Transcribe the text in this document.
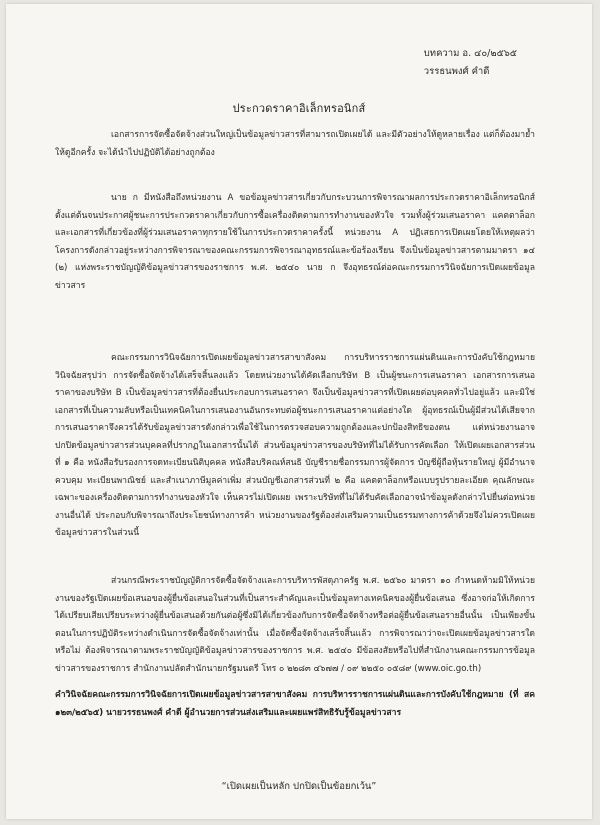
บทความ อ. ๔๐/๒๕๖๕
วรรธนพงศ์ คำดี
ประกวดราคาอิเล็กทรอนิกส์

เอกสารการจัดซื้อจัดจ้างส่วนใหญ่เป็นข้อมูลข่าวสารที่สามารถเปิดเผยได้ และมีตัวอย่างให้ดูหลายเรื่อง แต่ก็ต้องมาย้ำให้ดูอีกครั้ง จะได้นำไปปฏิบัติได้อย่างถูกต้อง

นาย ก มีหนังสือถึงหน่วยงาน A ขอข้อมูลข่าวสารเกี่ยวกับกระบวนการพิจารณาผลการประกวดราคาอิเล็กทรอนิกส์ตั้งแต่ต้นจนประกาศผู้ชนะการประกวดราคาเกี่ยวกับการซื้อเครื่องติดตามการทำงานของหัวใจ รวมทั้งผู้ร่วมเสนอราคา แคตตาล็อกและเอกสารที่เกี่ยวข้องที่ผู้ร่วมเสนอราคาทุกรายใช้ในการประกวดราคาครั้งนี้ หน่วยงาน A ปฏิเสธการเปิดเผยโดยให้เหตุผลว่า โครงการดังกล่าวอยู่ระหว่างการพิจารณาของคณะกรรมการพิจารณาอุทธรณ์และข้อร้องเรียน จึงเป็นข้อมูลข่าวสารตามมาตรา ๑๔ (๒) แห่งพระราชบัญญัติข้อมูลข่าวสารของราชการ พ.ศ. ๒๕๔๐ นาย ก จึงอุทธรณ์ต่อคณะกรรมการวินิจฉัยการเปิดเผยข้อมูลข่าวสาร

คณะกรรมการวินิจฉัยการเปิดเผยข้อมูลข่าวสารสาขาสังคม การบริหารราชการแผ่นดินและการบังคับใช้กฎหมาย วินิจฉัยสรุปว่า การจัดซื้อจัดจ้างได้เสร็จสิ้นลงแล้ว โดยหน่วยงานได้คัดเลือกบริษัท B เป็นผู้ชนะการเสนอราคา เอกสารการเสนอราคาของบริษัท B เป็นข้อมูลข่าวสารที่ต้องยื่นประกอบการเสนอราคา จึงเป็นข้อมูลข่าวสารที่เปิดเผยต่อบุคคลทั่วไปอยู่แล้ว และมิใช่เอกสารที่เป็นความลับหรือเป็นเทคนิคในการเสนองานอันกระทบต่อผู้ชนะการเสนอราคาแต่อย่างใด ผู้อุทธรณ์เป็นผู้มีส่วนได้เสียจากการเสนอราคาจึงควรได้รับข้อมูลข่าวสารดังกล่าวเพื่อใช้ในการตรวจสอบความถูกต้องและปกป้องสิทธิของตน แต่หน่วยงานอาจปกปิดข้อมูลข่าวสารส่วนบุคคลที่ปรากฏในเอกสารนั้นได้ ส่วนข้อมูลข่าวสารของบริษัทที่ไม่ได้รับการคัดเลือก ให้เปิดเผยเอกสารส่วนที่ ๑ คือ หนังสือรับรองการจดทะเบียนนิติบุคคล หนังสือบริคณห์สนธิ บัญชีรายชื่อกรรมการผู้จัดการ บัญชีผู้ถือหุ้นรายใหญ่ ผู้มีอำนาจควบคุม ทะเบียนพาณิชย์ และสำเนาภาษีมูลค่าเพิ่ม ส่วนบัญชีเอกสารส่วนที่ ๒ คือ แคตตาล็อกหรือแบบรูปรายละเอียด คุณลักษณะเฉพาะของเครื่องติดตามการทำงานของหัวใจ เห็นควรไม่เปิดเผย เพราะบริษัทที่ไม่ได้รับคัดเลือกอาจนำข้อมูลดังกล่าวไปยื่นต่อหน่วยงานอื่นได้ ประกอบกับพิจารณาถึงประโยชน์ทางการค้า หน่วยงานของรัฐต้องส่งเสริมความเป็นธรรมทางการค้าด้วยจึงไม่ควรเปิดเผยข้อมูลข่าวสารในส่วนนี้

ส่วนกรณีพระราชบัญญัติการจัดซื้อจัดจ้างและการบริหารพัสดุภาครัฐ พ.ศ. ๒๕๖๐ มาตรา ๑๐ กำหนดห้ามมิให้หน่วยงานของรัฐเปิดเผยข้อเสนอของผู้ยื่นข้อเสนอในส่วนที่เป็นสาระสำคัญและเป็นข้อมูลทางเทคนิคของผู้ยื่นข้อเสนอ ซึ่งอาจก่อให้เกิดการได้เปรียบเสียเปรียบระหว่างผู้ยื่นข้อเสนอด้วยกันต่อผู้ซึ่งมิได้เกี่ยวข้องกับการจัดซื้อจัดจ้างหรือต่อผู้ยื่นข้อเสนอรายอื่นนั้น เป็นเพียงขั้นตอนในการปฏิบัติระหว่างดำเนินการจัดซื้อจัดจ้างเท่านั้น เมื่อจัดซื้อจัดจ้างเสร็จสิ้นแล้ว การพิจารณาว่าจะเปิดเผยข้อมูลข่าวสารใดหรือไม่ ต้องพิจารณาตามพระราชบัญญัติข้อมูลข่าวสารของราชการ พ.ศ. ๒๕๔๐ มีข้อสงสัยหรือไปที่สำนักงานคณะกรรมการข้อมูลข่าวสารของราชการ สำนักงานปลัดสำนักนายกรัฐมนตรี โทร ๐ ๒๒๘๓ ๔๖๗๗ / ๐๙ ๒๒๕๐ ๐๕๘๙ (www.oic.go.th)

คำวินิจฉัยคณะกรรมการวินิจฉัยการเปิดเผยข้อมูลข่าวสารสาขาสังคม การบริหารราชการแผ่นดินและการบังคับใช้กฎหมาย (ที่ สค ๑๒๓/๒๕๖๕) นายวรรธนพงศ์ คำดี ผู้อำนวยการส่วนส่งเสริมและเผยแพร่สิทธิรับรู้ข้อมูลข่าวสาร

“เปิดเผยเป็นหลัก ปกปิดเป็นข้อยกเว้น”
